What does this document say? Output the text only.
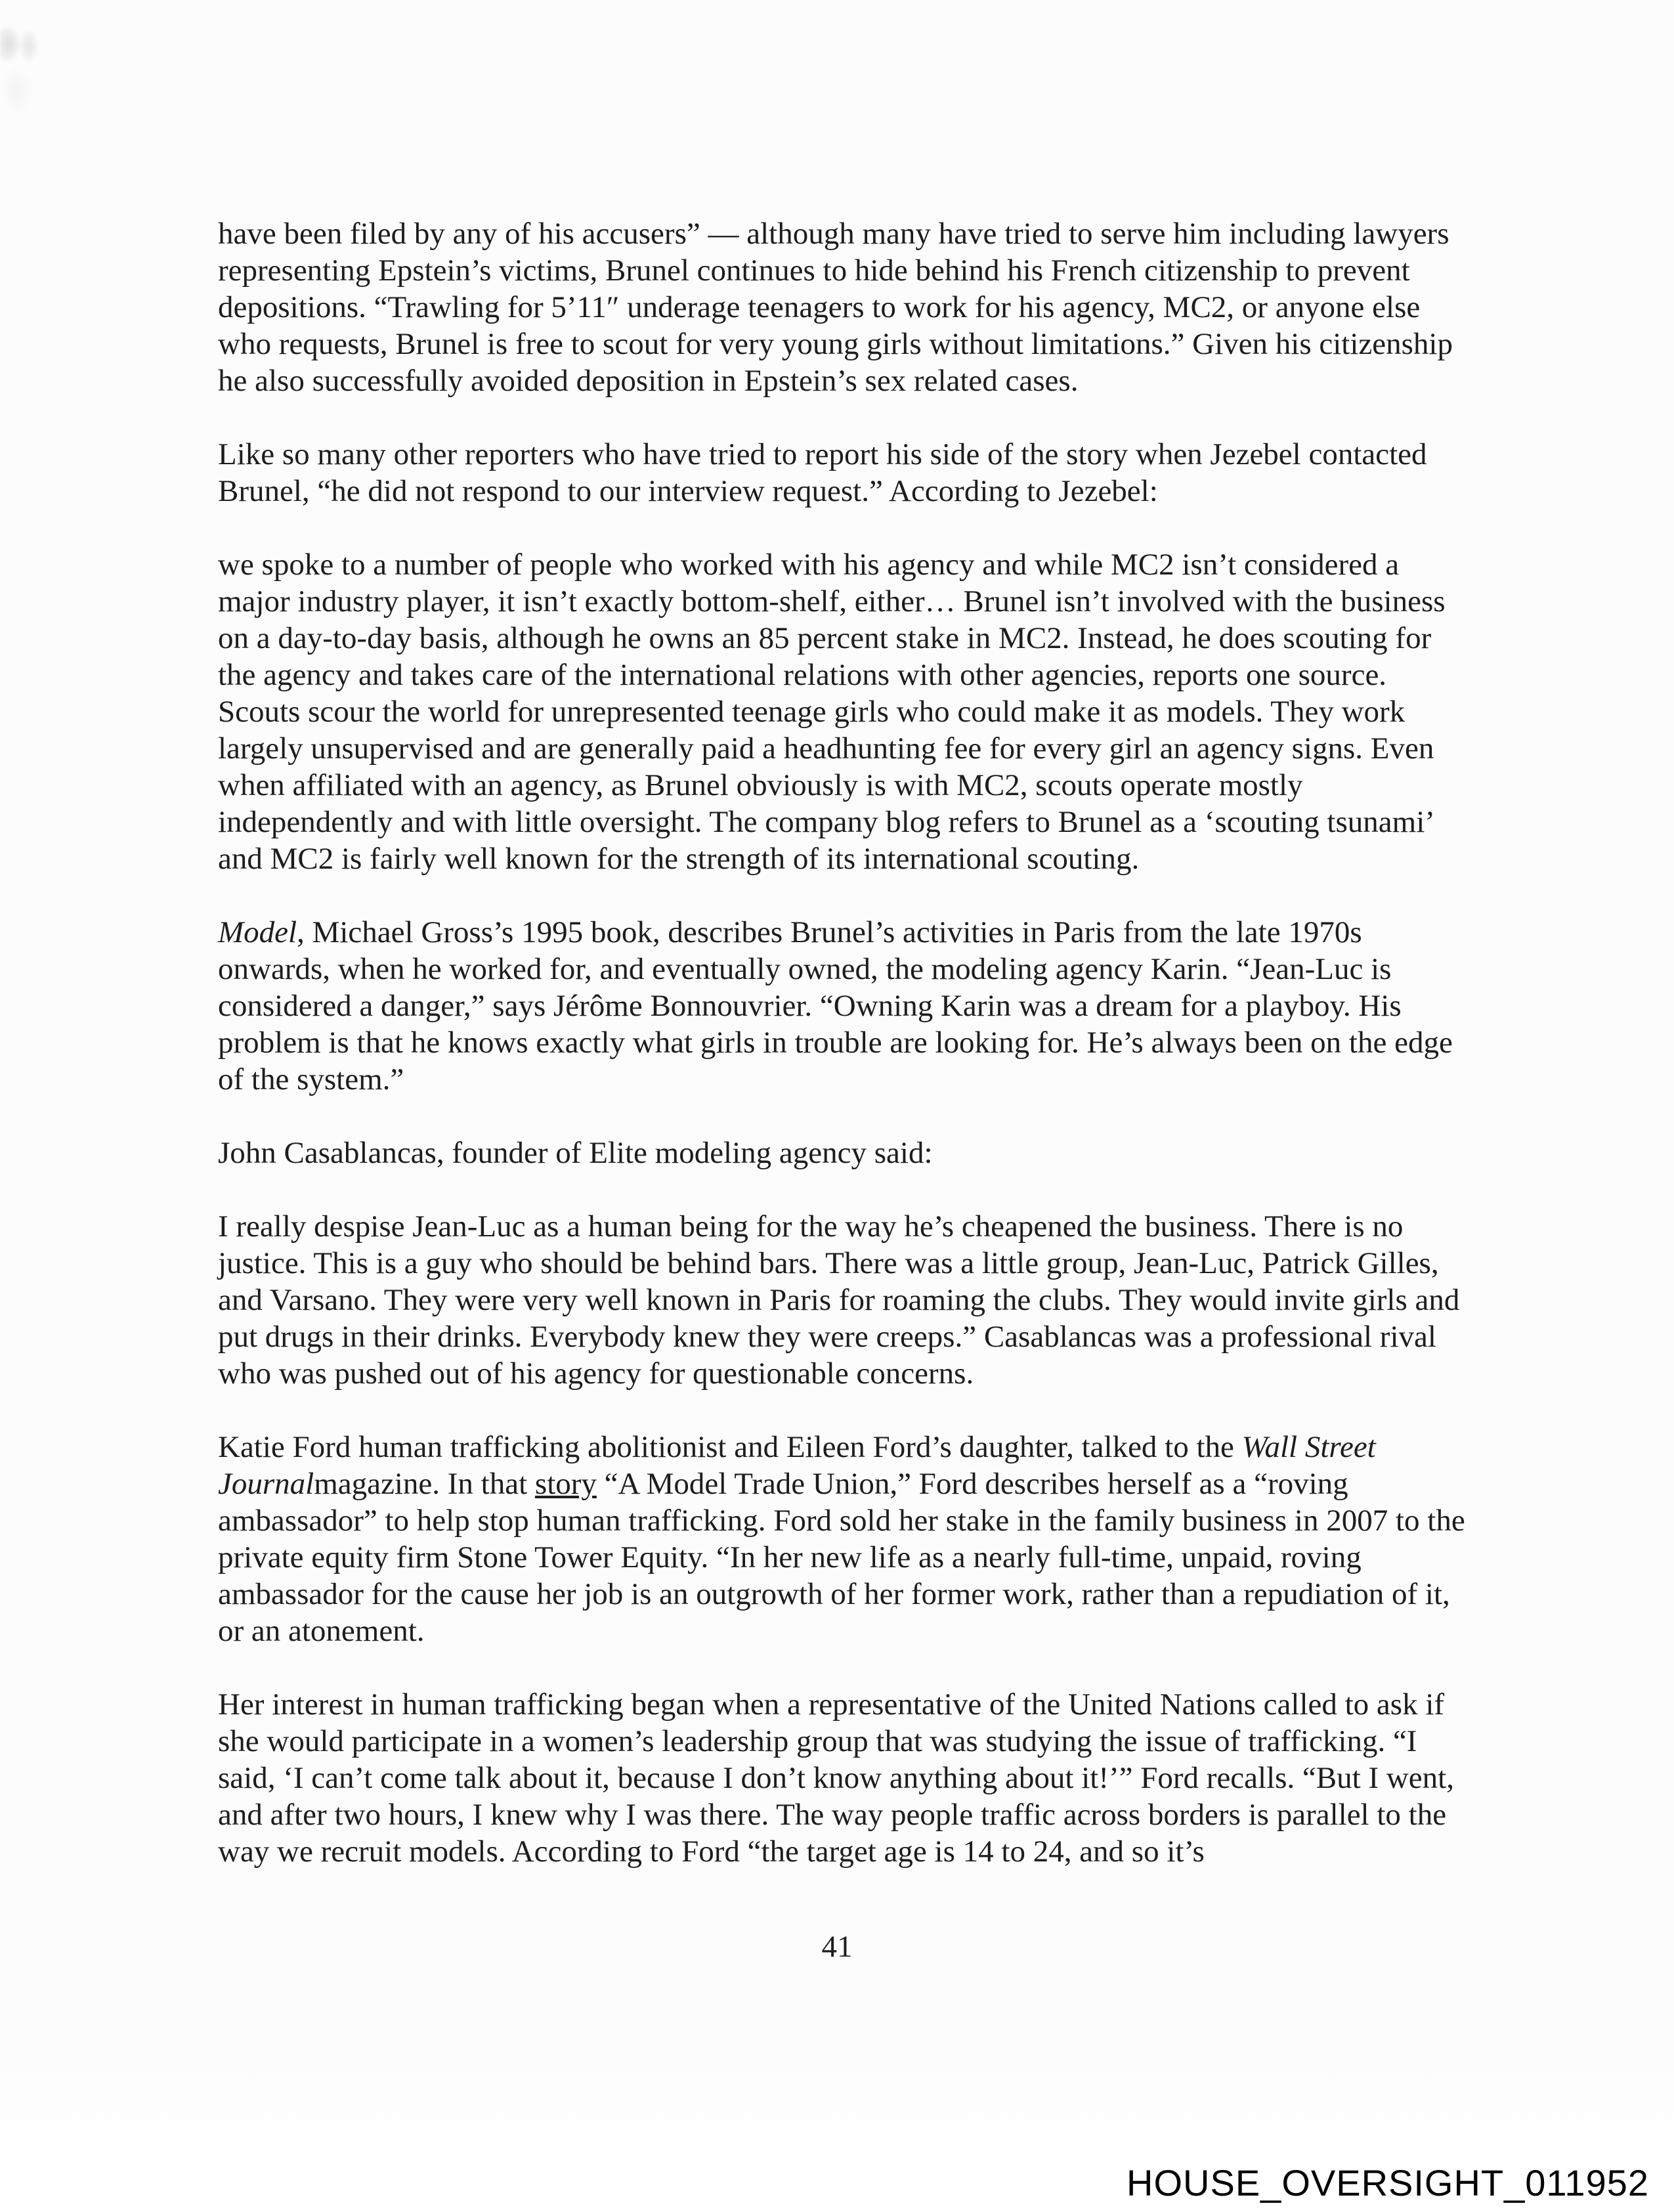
have been filed by any of his accusers” — although many have tried to serve him including lawyers representing Epstein’s victims, Brunel continues to hide behind his French citizenship to prevent depositions. “Trawling for 5’11″ underage teenagers to work for his agency, MC2, or anyone else who requests, Brunel is free to scout for very young girls without limitations.” Given his citizenship he also successfully avoided deposition in Epstein’s sex related cases.

Like so many other reporters who have tried to report his side of the story when Jezebel contacted Brunel, “he did not respond to our interview request.” According to Jezebel:

we spoke to a number of people who worked with his agency and while MC2 isn’t considered a major industry player, it isn’t exactly bottom-shelf, either… Brunel isn’t involved with the business on a day-to-day basis, although he owns an 85 percent stake in MC2. Instead, he does scouting for the agency and takes care of the international relations with other agencies, reports one source. Scouts scour the world for unrepresented teenage girls who could make it as models. They work largely unsupervised and are generally paid a headhunting fee for every girl an agency signs. Even when affiliated with an agency, as Brunel obviously is with MC2, scouts operate mostly independently and with little oversight. The company blog refers to Brunel as a ‘scouting tsunami’ and MC2 is fairly well known for the strength of its international scouting.

Model, Michael Gross’s 1995 book, describes Brunel’s activities in Paris from the late 1970s onwards, when he worked for, and eventually owned, the modeling agency Karin. “Jean-Luc is considered a danger,” says Jérôme Bonnouvrier. “Owning Karin was a dream for a playboy. His problem is that he knows exactly what girls in trouble are looking for. He’s always been on the edge of the system.”

John Casablancas, founder of Elite modeling agency said:

I really despise Jean-Luc as a human being for the way he’s cheapened the business. There is no justice. This is a guy who should be behind bars. There was a little group, Jean-Luc, Patrick Gilles, and Varsano. They were very well known in Paris for roaming the clubs. They would invite girls and put drugs in their drinks. Everybody knew they were creeps.” Casablancas was a professional rival who was pushed out of his agency for questionable concerns.

Katie Ford human trafficking abolitionist and Eileen Ford’s daughter, talked to the Wall Street Journalmagazine. In that story “A Model Trade Union,” Ford describes herself as a “roving ambassador” to help stop human trafficking. Ford sold her stake in the family business in 2007 to the private equity firm Stone Tower Equity. “In her new life as a nearly full-time, unpaid, roving ambassador for the cause her job is an outgrowth of her former work, rather than a repudiation of it, or an atonement.

Her interest in human trafficking began when a representative of the United Nations called to ask if she would participate in a women’s leadership group that was studying the issue of trafficking. “I said, ‘I can’t come talk about it, because I don’t know anything about it!’” Ford recalls. “But I went, and after two hours, I knew why I was there. The way people traffic across borders is parallel to the way we recruit models. According to Ford “the target age is 14 to 24, and so it’s

41
HOUSE_OVERSIGHT_011952
